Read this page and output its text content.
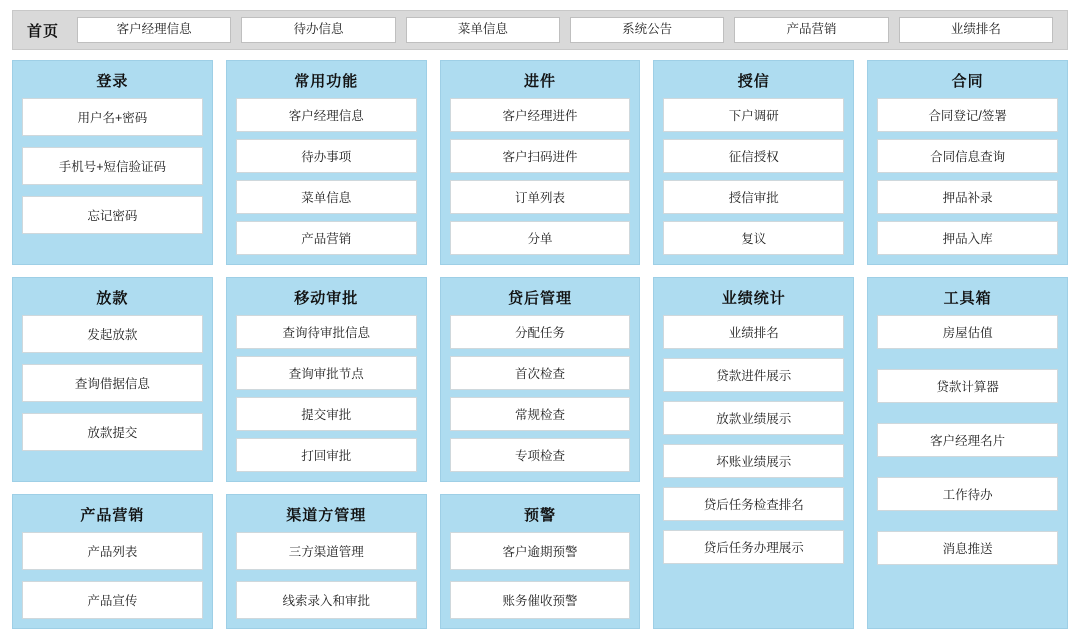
首页	客户经理信息	待办信息	菜单信息	系统公告	产品营销	业绩排名
登录
用户名+密码
手机号+短信验证码
忘记密码
常用功能
客户经理信息
待办事项
菜单信息
产品营销
进件
客户经理进件
客户扫码进件
订单列表
分单
授信
下户调研
征信授权
授信审批
复议
合同
合同登记/签署
合同信息查询
押品补录
押品入库
放款
发起放款
查询借据信息
放款提交
移动审批
查询待审批信息
查询审批节点
提交审批
打回审批
贷后管理
分配任务
首次检查
常规检查
专项检查
业绩统计
业绩排名
贷款进件展示
放款业绩展示
坏账业绩展示
贷后任务检查排名
贷后任务办理展示
工具箱
房屋估值
贷款计算器
客户经理名片
工作待办
消息推送
产品营销
产品列表
产品宣传
渠道方管理
三方渠道管理
线索录入和审批
预警
客户逾期预警
账务催收预警
